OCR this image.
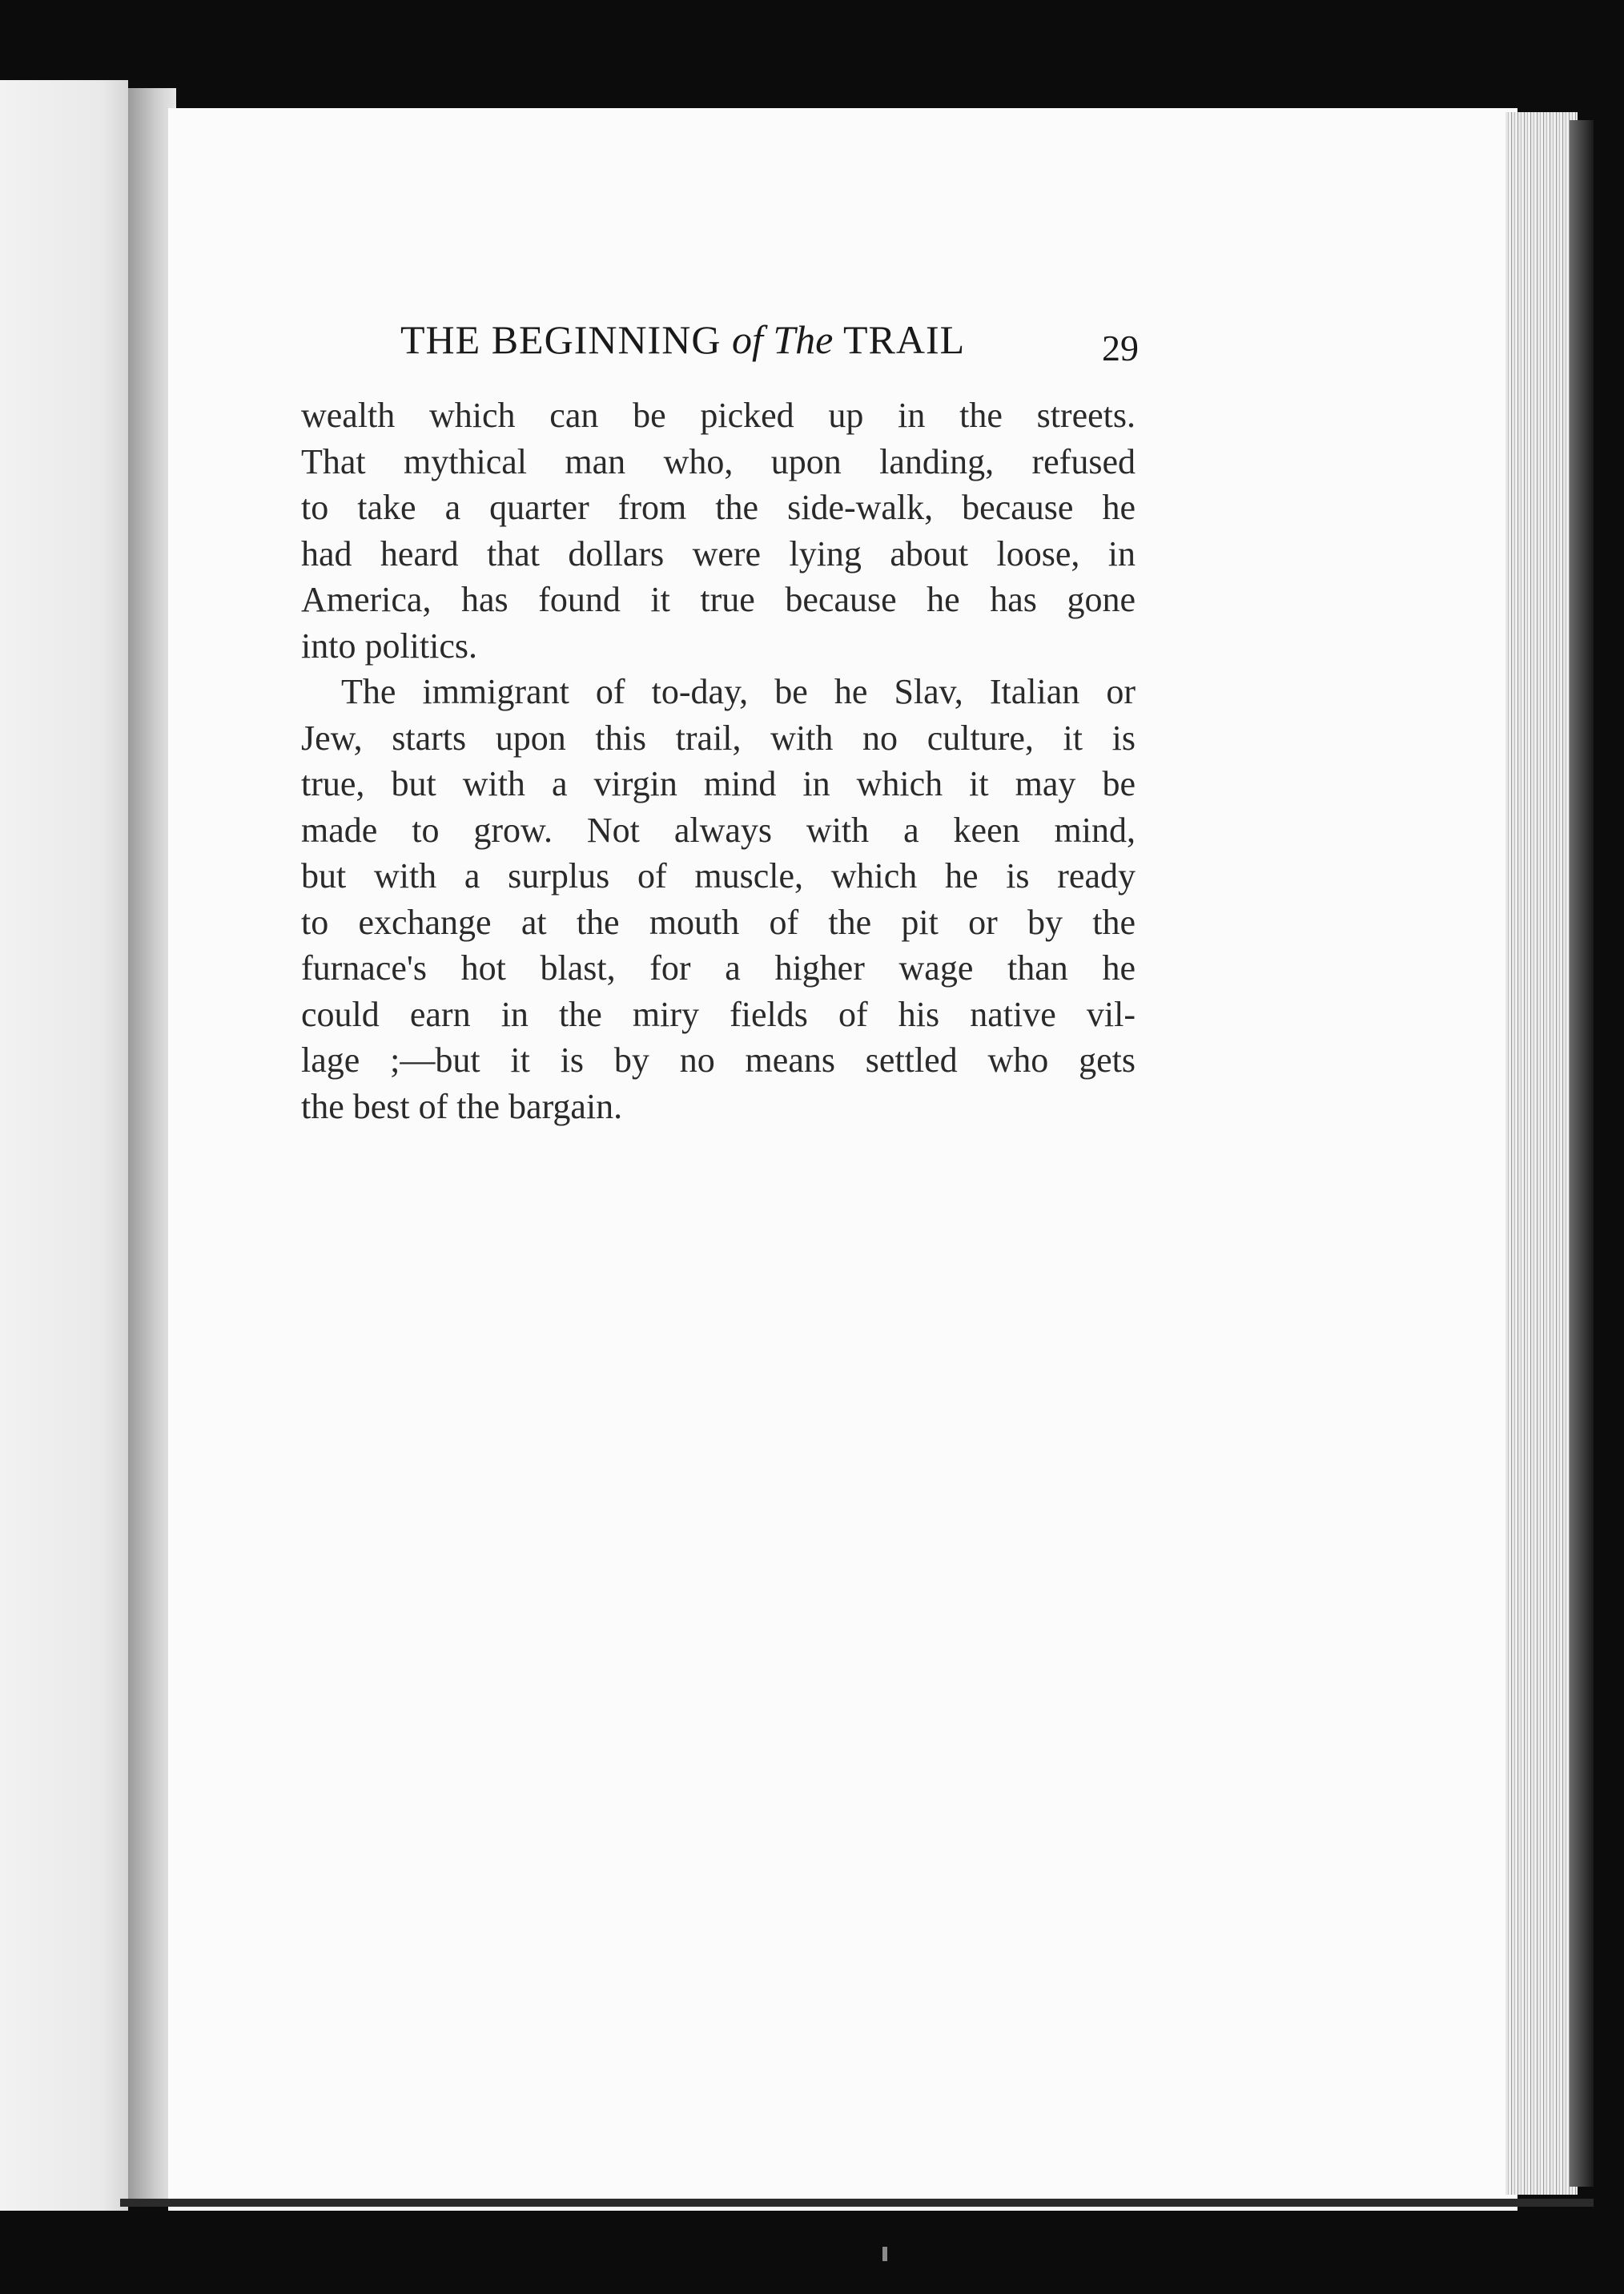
THE BEGINNING of The TRAIL	29
wealth which can be picked up in the streets.
That mythical man who, upon landing, refused
to take a quarter from the side-walk, because he
had heard that dollars were lying about loose, in
America, has found it true because he has gone
into politics.
The immigrant of to-day, be he Slav, Italian or
Jew, starts upon this trail, with no culture, it is
true, but with a virgin mind in which it may be
made to grow. Not always with a keen mind,
but with a surplus of muscle, which he is ready
to exchange at the mouth of the pit or by the
furnace's hot blast, for a higher wage than he
could earn in the miry fields of his native vil-
lage ;—but it is by no means settled who gets
the best of the bargain.
